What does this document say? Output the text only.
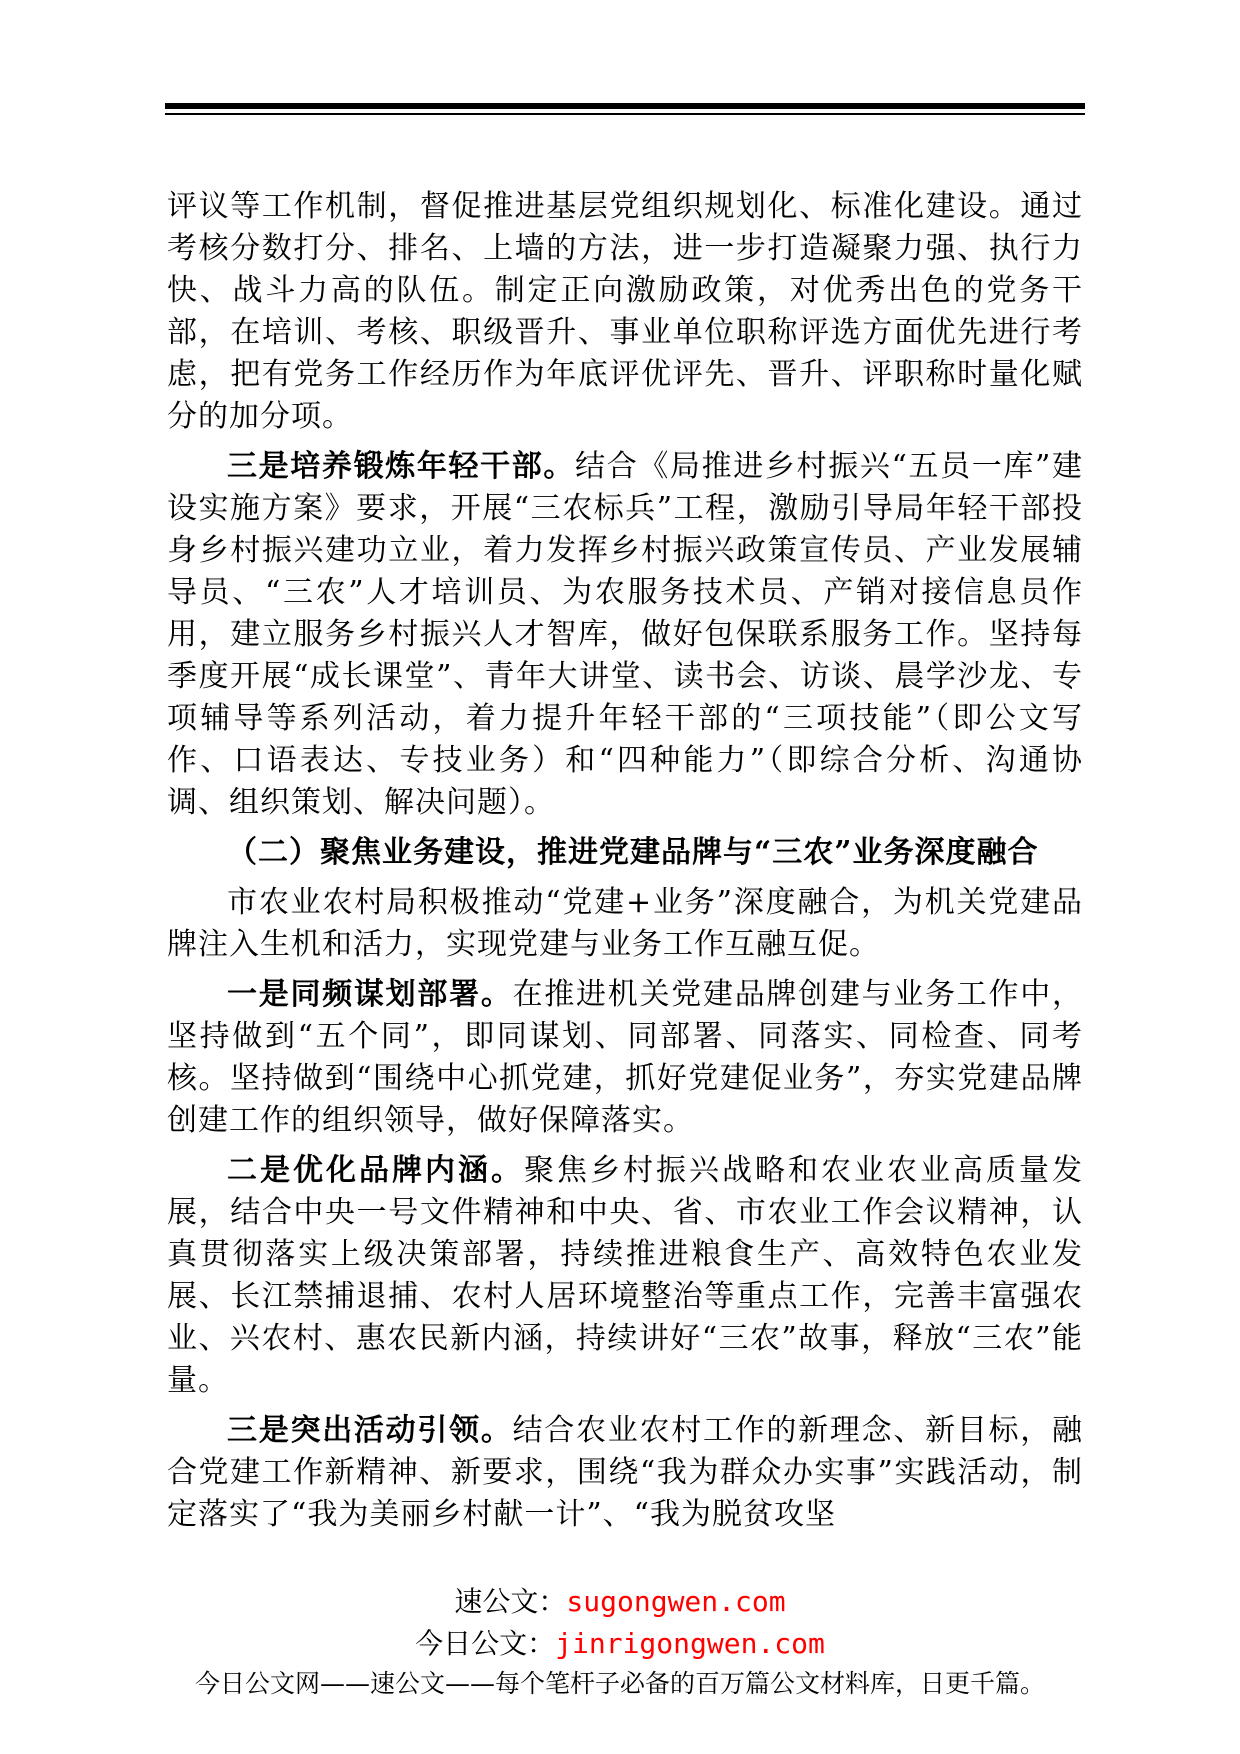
评议等工作机制，督促推进基层党组织规划化、标准化建设。通过考核分数打分、排名、上墙的方法，进一步打造凝聚力强、执行力快、战斗力高的队伍。制定正向激励政策，对优秀出色的党务干部，在培训、考核、职级晋升、事业单位职称评选方面优先进行考虑，把有党务工作经历作为年底评优评先、晋升、评职称时量化赋分的加分项。

三是培养锻炼年轻干部。结合《局推进乡村振兴“五员一库”建设实施方案》要求，开展“三农标兵”工程，激励引导局年轻干部投身乡村振兴建功立业，着力发挥乡村振兴政策宣传员、产业发展辅导员、“三农”人才培训员、为农服务技术员、产销对接信息员作用，建立服务乡村振兴人才智库，做好包保联系服务工作。坚持每季度开展“成长课堂”、青年大讲堂、读书会、访谈、晨学沙龙、专项辅导等系列活动，着力提升年轻干部的“三项技能”（即公文写作、口语表达、专技业务）和“四种能力”（即综合分析、沟通协调、组织策划、解决问题）。

（二）聚焦业务建设，推进党建品牌与“三农”业务深度融合

市农业农村局积极推动“党建+业务”深度融合，为机关党建品牌注入生机和活力，实现党建与业务工作互融互促。

一是同频谋划部署。在推进机关党建品牌创建与业务工作中，坚持做到“五个同”，即同谋划、同部署、同落实、同检查、同考核。坚持做到“围绕中心抓党建，抓好党建促业务”，夯实党建品牌创建工作的组织领导，做好保障落实。

二是优化品牌内涵。聚焦乡村振兴战略和农业农业高质量发展，结合中央一号文件精神和中央、省、市农业工作会议精神，认真贯彻落实上级决策部署，持续推进粮食生产、高效特色农业发展、长江禁捕退捕、农村人居环境整治等重点工作，完善丰富强农业、兴农村、惠农民新内涵，持续讲好“三农”故事，释放“三农”能量。

三是突出活动引领。结合农业农村工作的新理念、新目标，融合党建工作新精神、新要求，围绕“我为群众办实事”实践活动，制定落实了“我为美丽乡村献一计”、“我为脱贫攻坚

速公文：sugongwen.com
今日公文：jinrigongwen.com
今日公文网——速公文——每个笔杆子必备的百万篇公文材料库，日更千篇。
